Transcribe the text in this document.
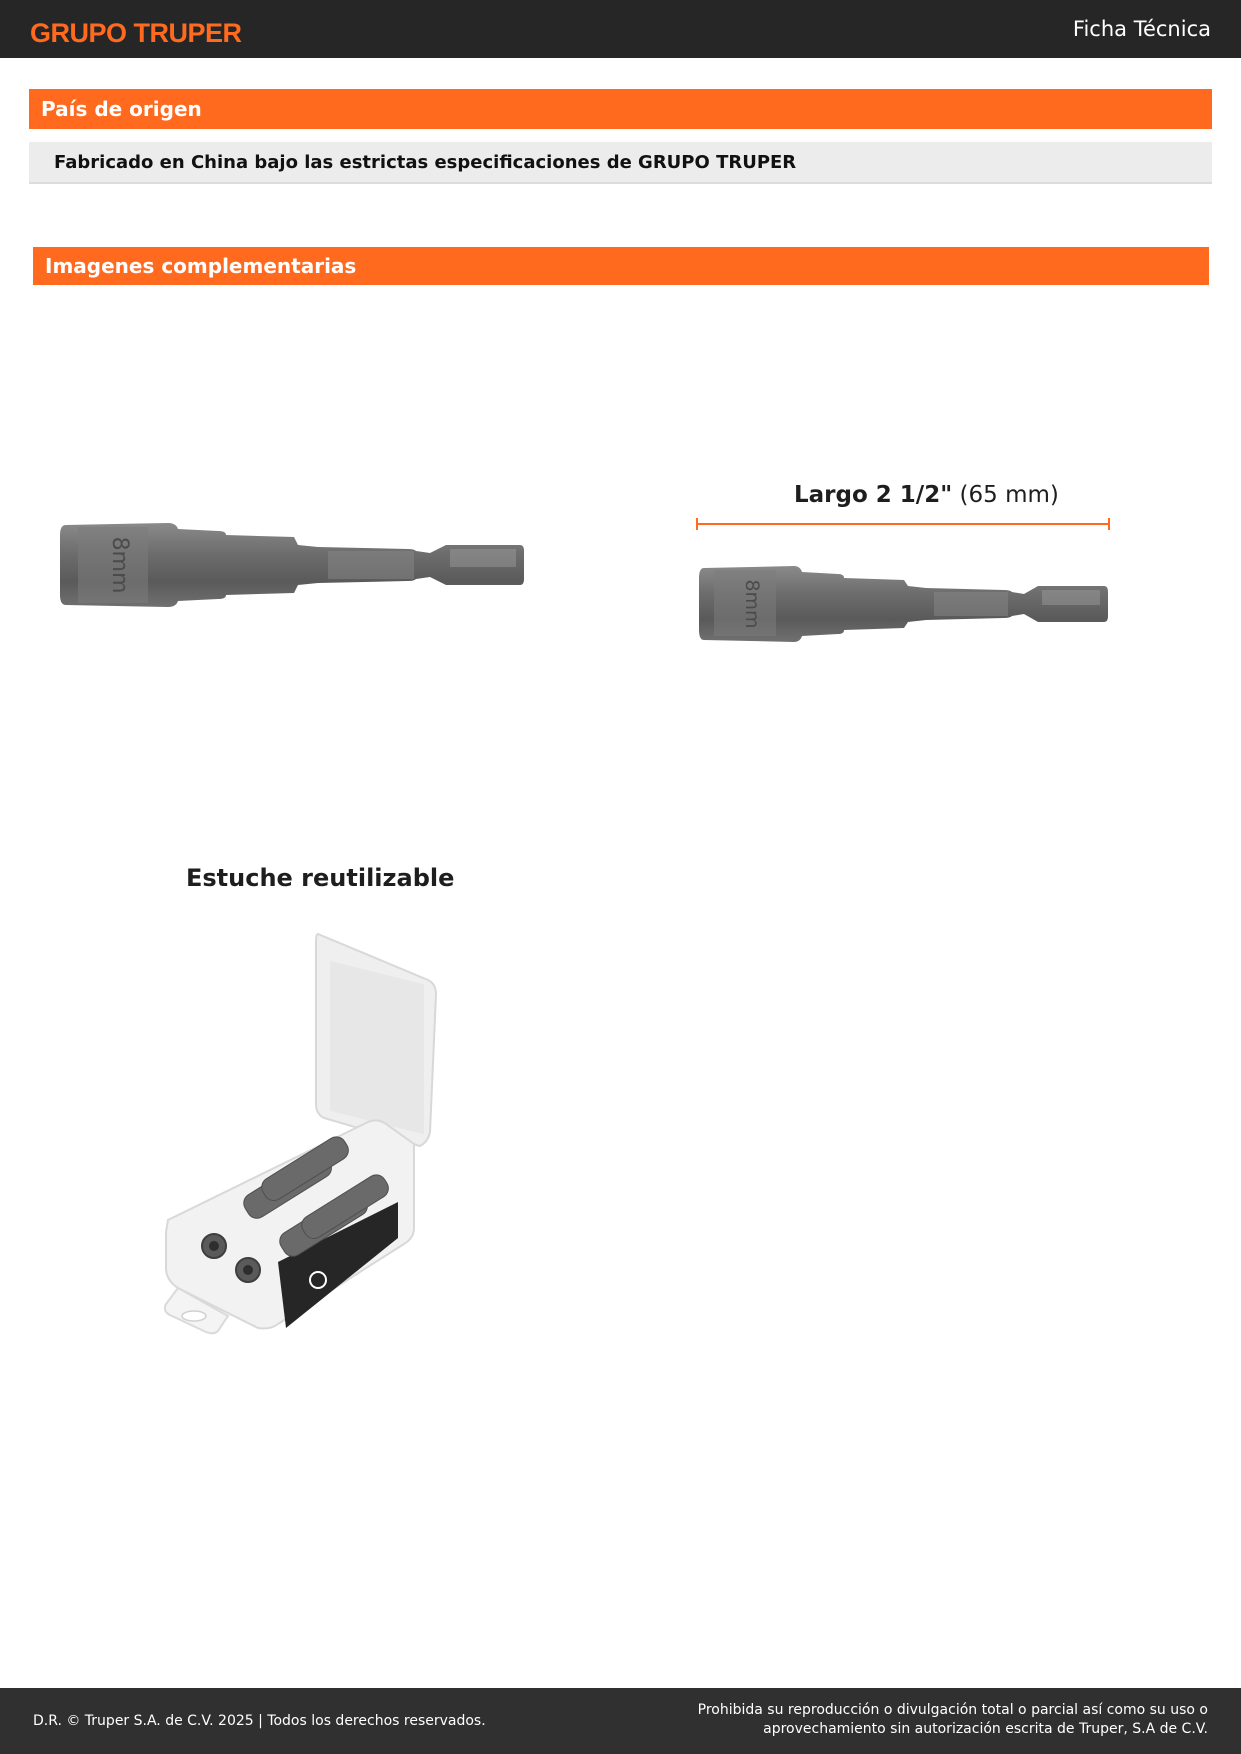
GRUPO TRUPER	Ficha Técnica
País de origen
Fabricado en China bajo las estrictas especificaciones de GRUPO TRUPER
Imagenes complementarias
8mm
Largo 2 1/2" (65 mm)
8mm
Estuche reutilizable
D.R. © Truper S.A. de C.V. 2025 | Todos los derechos reservados.
Prohibida su reproducción o divulgación total o parcial así como su uso o
aprovechamiento sin autorización escrita de Truper, S.A de C.V.
